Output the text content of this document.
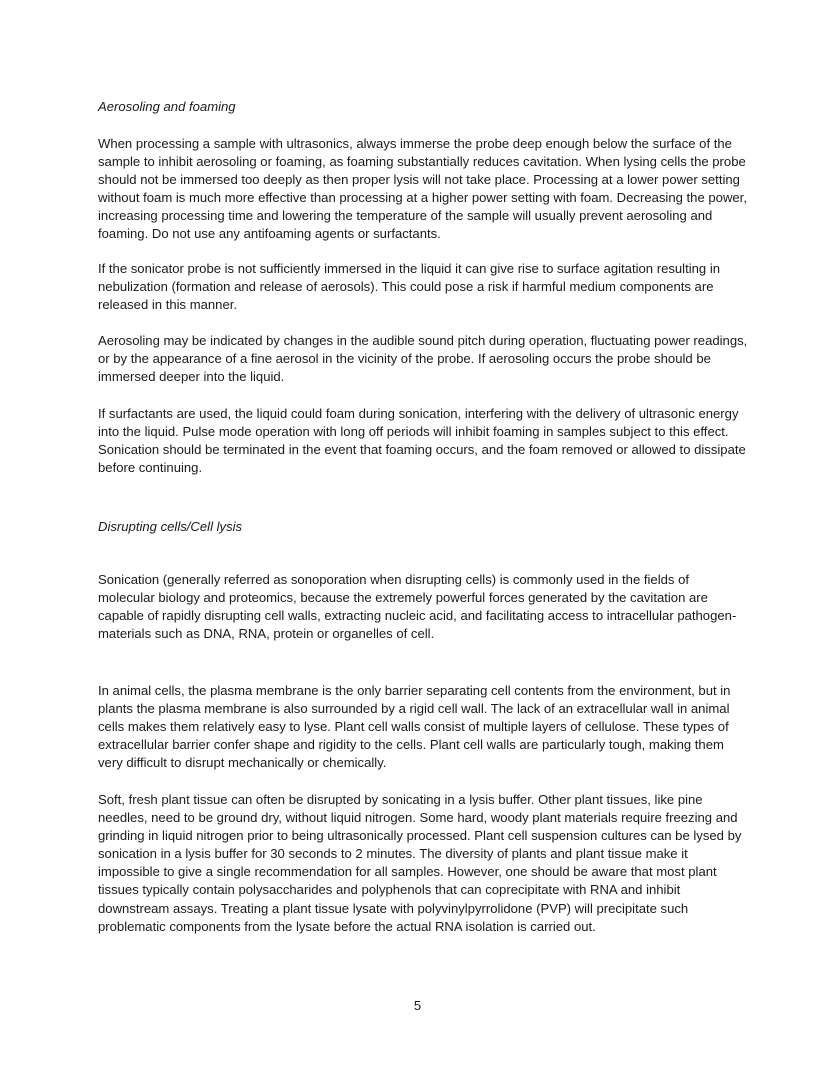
Aerosoling and foaming

When processing a sample with ultrasonics, always immerse the probe deep enough below the surface of the sample to inhibit aerosoling or foaming, as foaming substantially reduces cavitation. When lysing cells the probe should not be immersed too deeply as then proper lysis will not take place. Processing at a lower power setting without foam is much more effective than processing at a higher power setting with foam. Decreasing the power, increasing processing time and lowering the temperature of the sample will usually prevent aerosoling and foaming. Do not use any antifoaming agents or surfactants.

If the sonicator probe is not sufficiently immersed in the liquid it can give rise to surface agitation resulting in nebulization (formation and release of aerosols). This could pose a risk if harmful medium components are released in this manner.

Aerosoling may be indicated by changes in the audible sound pitch during operation, fluctuating power readings, or by the appearance of a fine aerosol in the vicinity of the probe. If aerosoling occurs the probe should be immersed deeper into the liquid.

If surfactants are used, the liquid could foam during sonication, interfering with the delivery of ultrasonic energy into the liquid. Pulse mode operation with long off periods will inhibit foaming in samples subject to this effect. Sonication should be terminated in the event that foaming occurs, and the foam removed or allowed to dissipate before continuing.

Disrupting cells/Cell lysis

Sonication (generally referred as sonoporation when disrupting cells) is commonly used in the fields of molecular biology and proteomics, because the extremely powerful forces generated by the cavitation are capable of rapidly disrupting cell walls, extracting nucleic acid, and facilitating access to intracellular pathogen-materials such as DNA, RNA, protein or organelles of cell.

In animal cells, the plasma membrane is the only barrier separating cell contents from the environment, but in plants the plasma membrane is also surrounded by a rigid cell wall. The lack of an extracellular wall in animal cells makes them relatively easy to lyse. Plant cell walls consist of multiple layers of cellulose. These types of extracellular barrier confer shape and rigidity to the cells. Plant cell walls are particularly tough, making them very difficult to disrupt mechanically or chemically.

Soft, fresh plant tissue can often be disrupted by sonicating in a lysis buffer. Other plant tissues, like pine needles, need to be ground dry, without liquid nitrogen. Some hard, woody plant materials require freezing and grinding in liquid nitrogen prior to being ultrasonically processed. Plant cell suspension cultures can be lysed by sonication in a lysis buffer for 30 seconds to 2 minutes. The diversity of plants and plant tissue make it impossible to give a single recommendation for all samples. However, one should be aware that most plant tissues typically contain polysaccharides and polyphenols that can coprecipitate with RNA and inhibit downstream assays. Treating a plant tissue lysate with polyvinylpyrrolidone (PVP) will precipitate such problematic components from the lysate before the actual RNA isolation is carried out.

5
